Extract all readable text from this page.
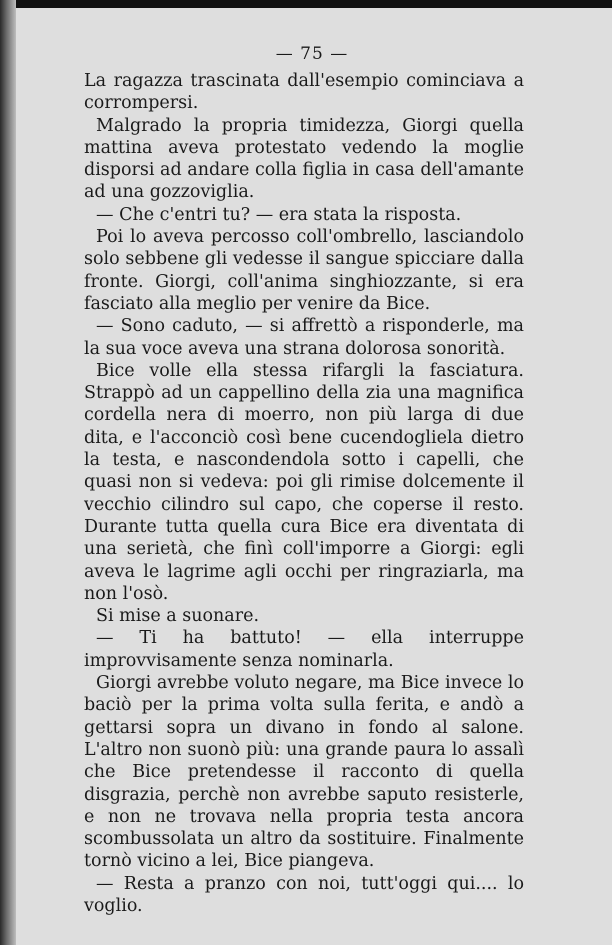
— 75 —

La ragazza trascinata dall'esempio cominciava a corrompersi.

Malgrado la propria timidezza, Giorgi quella mattina aveva protestato vedendo la moglie disporsi ad andare colla figlia in casa dell'amante ad una gozzoviglia.

— Che c'entri tu? — era stata la risposta.

Poi lo aveva percosso coll'ombrello, lasciandolo solo sebbene gli vedesse il sangue spicciare dalla fronte. Giorgi, coll'anima singhiozzante, si era fasciato alla meglio per venire da Bice.

— Sono caduto, — si affrettò a risponderle, ma la sua voce aveva una strana dolorosa sonorità.

Bice volle ella stessa rifargli la fasciatura. Strappò ad un cappellino della zia una magnifica cordella nera di moerro, non più larga di due dita, e l'acconciò così bene cucendogliela dietro la testa, e nascondendola sotto i capelli, che quasi non si vedeva: poi gli rimise dolcemente il vecchio cilindro sul capo, che coperse il resto. Durante tutta quella cura Bice era diventata di una serietà, che finì coll'imporre a Giorgi: egli aveva le lagrime agli occhi per ringraziarla, ma non l'osò.

Si mise a suonare.

— Ti ha battuto! — ella interruppe improvvisamente senza nominarla.

Giorgi avrebbe voluto negare, ma Bice invece lo baciò per la prima volta sulla ferita, e andò a gettarsi sopra un divano in fondo al salone. L'altro non suonò più: una grande paura lo assalì che Bice pretendesse il racconto di quella disgrazia, perchè non avrebbe saputo resisterle, e non ne trovava nella propria testa ancora scombussolata un altro da sostituire. Finalmente tornò vicino a lei, Bice piangeva.

— Resta a pranzo con noi, tutt'oggi qui.... lo voglio.
